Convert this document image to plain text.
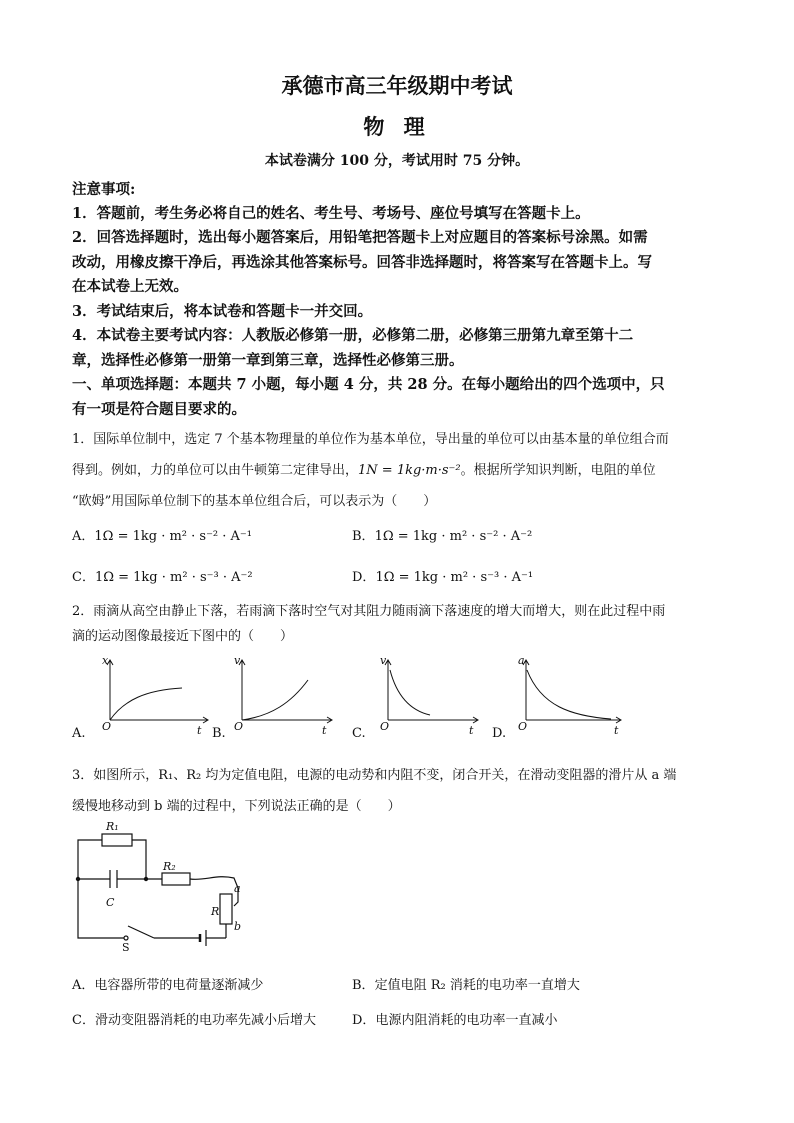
承德市高三年级期中考试
物 理
本试卷满分 100 分，考试用时 75 分钟。
注意事项:
1．答题前，考生务必将自己的姓名、考生号、考场号、座位号填写在答题卡上。
2．回答选择题时，选出每小题答案后，用铅笔把答题卡上对应题目的答案标号涂黑。如需
改动，用橡皮擦干净后，再选涂其他答案标号。回答非选择题时，将答案写在答题卡上。写
在本试卷上无效。
3．考试结束后，将本试卷和答题卡一并交回。
4．本试卷主要考试内容：人教版必修第一册，必修第二册，必修第三册第九章至第十二
章，选择性必修第一册第一章到第三章，选择性必修第三册。
一、单项选择题：本题共 7 小题，每小题 4 分，共 28 分。在每小题给出的四个选项中，只
有一项是符合题目要求的。
1．国际单位制中，选定 7 个基本物理量的单位作为基本单位，导出量的单位可以由基本量的单位组合而
得到。例如，力的单位可以由牛顿第二定律导出，1N = 1kg·m·s⁻²。根据所学知识判断，电阻的单位
“欧姆”用国际单位制下的基本单位组合后，可以表示为（　　）
A．1Ω = 1kg · m² · s⁻² · A⁻¹	B．1Ω = 1kg · m² · s⁻² · A⁻²
C．1Ω = 1kg · m² · s⁻³ · A⁻²	D．1Ω = 1kg · m² · s⁻³ · A⁻¹
2．雨滴从高空由静止下落，若雨滴下落时空气对其阻力随雨滴下落速度的增大而增大，则在此过程中雨
滴的运动图像最接近下图中的（　　）
x
O	t
v
O	t
v
O	t
a
O	t
A.	B.	C.	D.
3．如图所示，R₁、R₂ 均为定值电阻，电源的电动势和内阻不变，闭合开关，在滑动变阻器的滑片从 a 端
缓慢地移动到 b 端的过程中，下列说法正确的是（　　）
R₁
R₂
C
R
a
b
S
A．电容器所带的电荷量逐渐减少	B．定值电阻 R₂ 消耗的电功率一直增大
C．滑动变阻器消耗的电功率先减小后增大	D．电源内阻消耗的电功率一直减小
